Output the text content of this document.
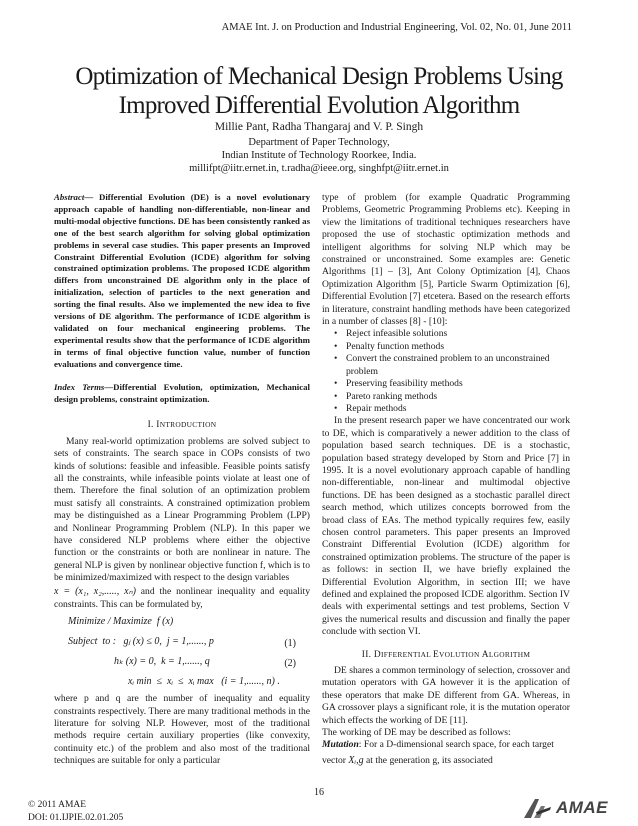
AMAE Int. J. on Production and Industrial Engineering, Vol. 02, No. 01, June 2011
Optimization of Mechanical Design Problems Using
Improved Differential Evolution Algorithm
Millie Pant, Radha Thangaraj and V. P. Singh
Department of Paper Technology,
Indian Institute of Technology Roorkee, India.
millifpt@iitr.ernet.in, t.radha@ieee.org, singhfpt@iitr.ernet.in

Abstract— Differential Evolution (DE) is a novel evolutionary approach capable of handling non-differentiable, non-linear and multi-modal objective functions. DE has been consistently ranked as one of the best search algorithm for solving global optimization problems in several case studies. This paper presents an Improved Constraint Differential Evolution (ICDE) algorithm for solving constrained optimization problems. The proposed ICDE algorithm differs from unconstrained DE algorithm only in the place of initialization, selection of particles to the next generation and sorting the final results. Also we implemented the new idea to five versions of DE algorithm. The performance of ICDE algorithm is validated on four mechanical engineering problems. The experimental results show that the performance of ICDE algorithm in terms of final objective function value, number of function evaluations and convergence time.

Index Terms—Differential Evolution, optimization, Mechanical design problems, constraint optimization.

I. INTRODUCTION

Many real-world optimization problems are solved subject to sets of constraints. The search space in COPs consists of two kinds of solutions: feasible and infeasible. Feasible points satisfy all the constraints, while infeasible points violate at least one of them. Therefore the final solution of an optimization problem must satisfy all constraints. A constrained optimization problem may be distinguished as a Linear Programming Problem (LPP) and Nonlinear Programming Problem (NLP). In this paper we have considered NLP problems where either the objective function or the constraints or both are nonlinear in nature. The general NLP is given by nonlinear objective function f, which is to be minimized/maximized with respect to the design variables

x = (x₁, x₂,....., xₙ) and the nonlinear inequality and equality constraints. This can be formulated by,

Minimize / Maximize  f (x)
Subject  to :   gⱼ (x) ≤ 0,  j = 1,......, p	(1)
hₖ (x) = 0,  k = 1,......, q	(2)
xᵢ min  ≤  xᵢ  ≤  xᵢ max   (i = 1,......, n) .

where p and q are the number of inequality and equality constraints respectively. There are many traditional methods in the literature for solving NLP. However, most of the traditional methods require certain auxiliary properties (like convexity, continuity etc.) of the problem and also most of the traditional techniques are suitable for only a particular

type of problem (for example Quadratic Programming Problems, Geometric Programming Problems etc). Keeping in view the limitations of traditional techniques researchers have proposed the use of stochastic optimization methods and intelligent algorithms for solving NLP which may be constrained or unconstrained. Some examples are: Genetic Algorithms [1] – [3], Ant Colony Optimization [4], Chaos Optimization Algorithm [5], Particle Swarm Optimization [6], Differential Evolution [7] etcetera. Based on the research efforts in literature, constraint handling methods have been categorized in a number of classes [8] - [10]:

• Reject infeasible solutions
• Penalty function methods
• Convert the constrained problem to an unconstrained problem
• Preserving feasibility methods
• Pareto ranking methods
• Repair methods

In the present research paper we have concentrated our work to DE, which is comparatively a newer addition to the class of population based search techniques. DE is a stochastic, population based strategy developed by Storn and Price [7] in 1995. It is a novel evolutionary approach capable of handling non-differentiable, non-linear and multimodal objective functions. DE has been designed as a stochastic parallel direct search method, which utilizes concepts borrowed from the broad class of EAs. The method typically requires few, easily chosen control parameters. This paper presents an Improved Constraint Differential Evolution (ICDE) algorithm for constrained optimization problems. The structure of the paper is as follows: in section II, we have briefly explained the Differential Evolution Algorithm, in section III; we have defined and explained the proposed ICDE algorithm. Section IV deals with experimental settings and test problems, Section V gives the numerical results and discussion and finally the paper conclude with section VI.

II. DIFFERENTIAL EVOLUTION ALGORITHM

DE shares a common terminology of selection, crossover and mutation operators with GA however it is the application of these operators that make DE different from GA. Whereas, in GA crossover plays a significant role, it is the mutation operator which effects the working of DE [11].

The working of DE may be described as follows:

Mutation: For a D-dimensional search space, for each target

vector Xᵢ,g at the generation g, its associated

16
© 2011 AMAE
DOI: 01.IJPIE.02.01.205
AMAE
